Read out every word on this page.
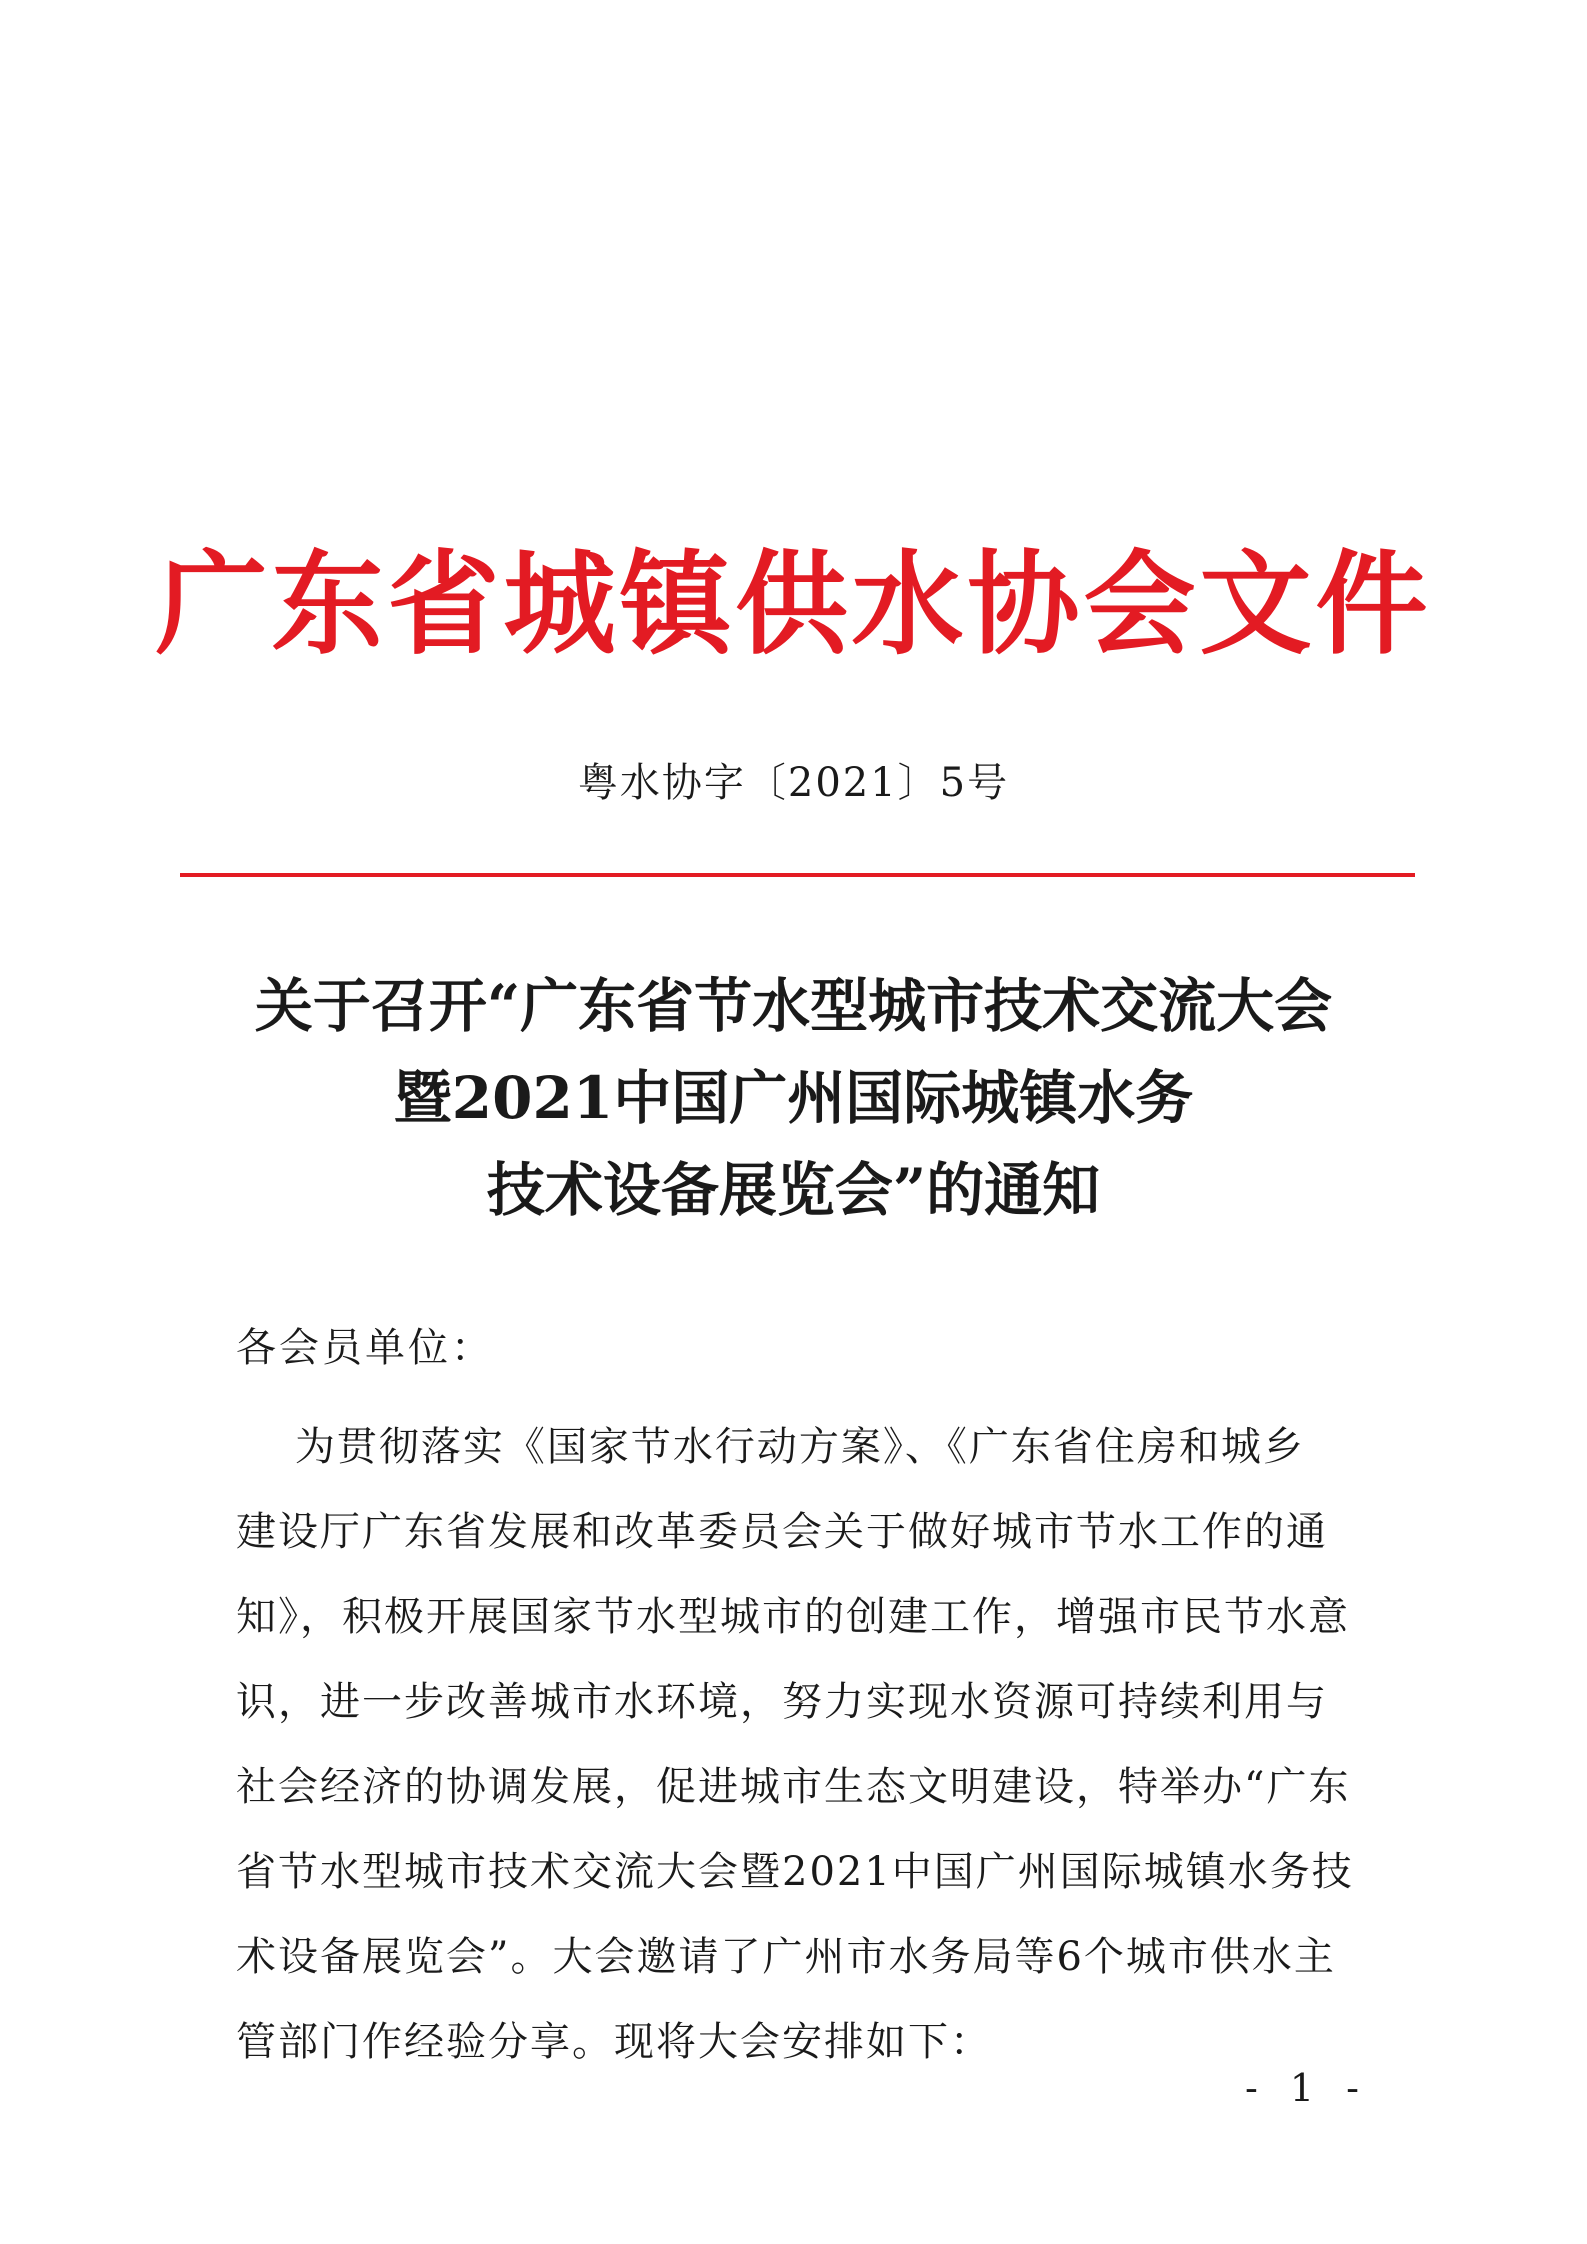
广东省城镇供水协会文件
粤水协字〔2021〕5号
关于召开“广东省节水型城市技术交流大会
暨2021中国广州国际城镇水务
技术设备展览会”的通知
各会员单位：
为贯彻落实《国家节水行动方案》、《广东省住房和城乡
建设厅广东省发展和改革委员会关于做好城市节水工作的通
知》，积极开展国家节水型城市的创建工作，增强市民节水意
识，进一步改善城市水环境，努力实现水资源可持续利用与
社会经济的协调发展，促进城市生态文明建设，特举办“广东
省节水型城市技术交流大会暨2021中国广州国际城镇水务技
术设备展览会”。大会邀请了广州市水务局等6个城市供水主
管部门作经验分享。现将大会安排如下：
- 1 -
